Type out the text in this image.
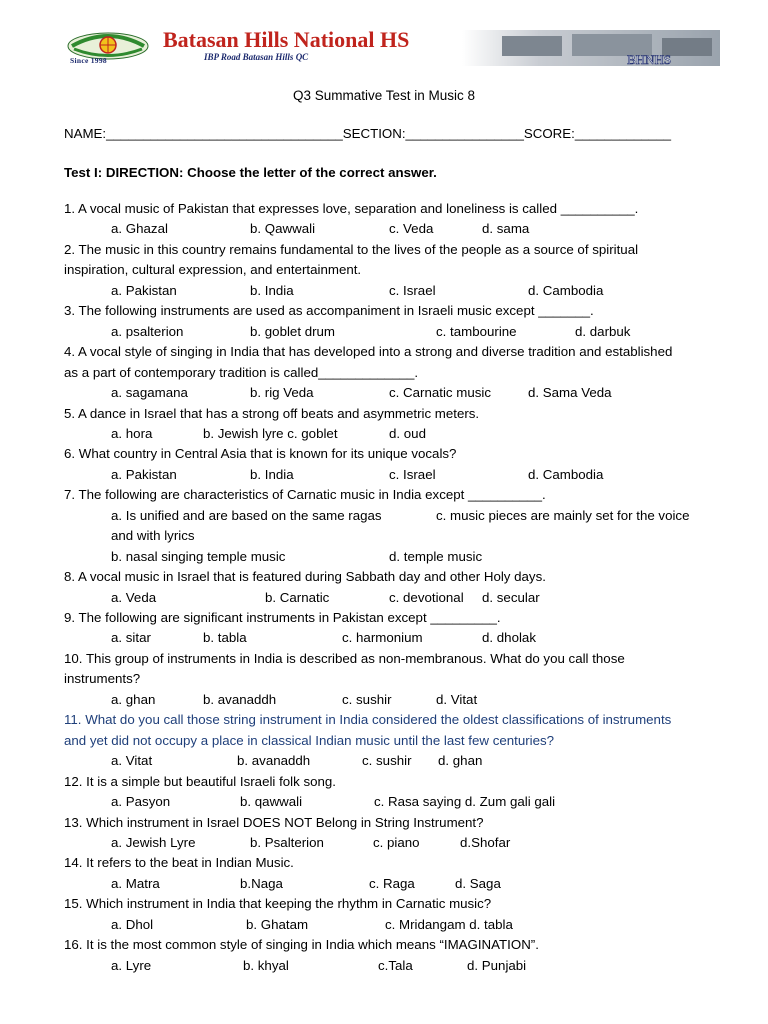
Since 1998
Batasan Hills National HS
IBP Road Batasan Hills QC	BHNHS
Q3 Summative Test in Music 8
NAME:________________________________SECTION:________________SCORE:_____________
Test I: DIRECTION: Choose the letter of the correct answer.
1. A vocal music of Pakistan that expresses love, separation and loneliness is called __________.
a. Ghazal	b. Qawwali	c. Veda	d. sama
2. The music in this country remains fundamental to the lives of the people as a source of spiritual
inspiration, cultural expression, and entertainment.
a. Pakistan	b. India	c. Israel	d. Cambodia
3. The following instruments are used as accompaniment in Israeli music except _______.
a. psalterion	b. goblet drum	c. tambourine	d. darbuk
4. A vocal style of singing in India that has developed into a strong and diverse tradition and established
as a part of contemporary tradition is called_____________.
a. sagamana	b. rig Veda	c. Carnatic music	d. Sama Veda
5. A dance in Israel that has a strong off beats and asymmetric meters.
a. hora	b. Jewish lyre c. goblet	d. oud
6. What country in Central Asia that is known for its unique vocals?
a. Pakistan	b. India	c. Israel	d. Cambodia
7. The following are characteristics of Carnatic music in India except __________.
a. Is unified and are based on the same ragas	c. music pieces are mainly set for the voice
and with lyrics
b. nasal singing temple music	d. temple music
8. A vocal music in Israel that is featured during Sabbath day and other Holy days.
a. Veda	b. Carnatic	c. devotional d. secular
9. The following are significant instruments in Pakistan except _________.
a. sitar	b. tabla	c. harmonium	d. dholak
10. This group of instruments in India is described as non-membranous. What do you call those
instruments?
a. ghan	b. avanaddh	c. sushir	d. Vitat
11. What do you call those string instrument in India considered the oldest classifications of instruments
and yet did not occupy a place in classical Indian music until the last few centuries?
a. Vitat	b. avanaddh	c. sushir d. ghan
12. It is a simple but beautiful Israeli folk song.
a. Pasyon	b. qawwali	c. Rasa saying d. Zum gali gali
13. Which instrument in Israel DOES NOT Belong in String Instrument?
a. Jewish Lyre	b. Psalterion	c. piano	d.Shofar
14. It refers to the beat in Indian Music.
a. Matra	b.Naga	c. Raga	d. Saga
15. Which instrument in India that keeping the rhythm in Carnatic music?
a. Dhol	b. Ghatam	c. Mridangam d. tabla
16. It is the most common style of singing in India which means “IMAGINATION”.
a. Lyre	b. khyal	c.Tala	d. Punjabi
